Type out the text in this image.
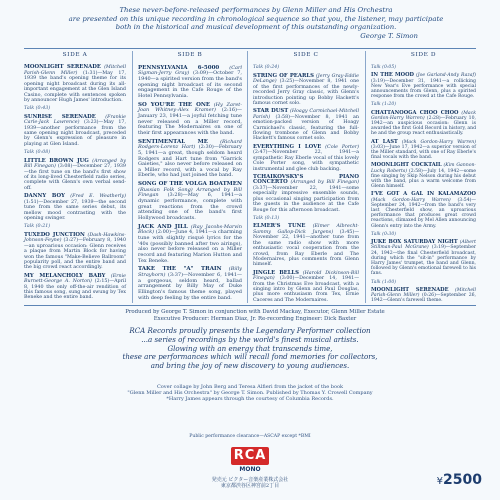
These never-before-released performances by Glenn Miller and His Orchestra
are presented on this unique recording in chronological sequence so that you, the listener, may participate
both in the historical and musical development of this outstanding organization.
George T. Simon
SIDE A
MOONLIGHT SERENADE (Mitchell Parish-Glenn Miller) (1:31)—May 17, 1939 the band's opening theme for its opening night broadcast during its all-important engagement at the Glen Island Casino, complete with sentences spoken by announcer Hugh James' introduction.
Talk (0:43)
SUNRISE SERENADE (Frankie Carle-Jack Lawrence) (3:23)—May 17, 1939—another performance from the same opening night broadcast, preceded by Glenn's expression of pleasure in playing at Glen Island.
Talk (0:08)
LITTLE BROWN JUG (Arranged by Bill Finegan) (3:08)—December 27, 1939—the first tune on the band's first show of its long-lived Chesterfield radio series, complete with Glenn's own verbal send-off.
DANNY BOY (Fred E. Weatherly) (1:51)—December 27, 1939—the second tune from the same series debut, its mellow mood contrasting with the opening swinger.
Talk (0:21)
TUXEDO JUNCTION (Dash-Hawkins-Johnson-Feyne) (3:27)—February 8, 1940—an uproarious occasion: Glenn receives a plaque from Martin Block for having won the famous "Make-Believe Ballroom" popularity poll, and the entire band and the big crowd react accordingly.
MY MELANCHOLY BABY (Ernie Burnett-George A. Norton) (2:15)—April 8, 1940 the only off-the-air rendition of this famous song, sung and swung by Tex Beneke and the entire band.
SIDE B
PENNSYLVANIA 6-5000 (Carl Sigman-Jerry Gray) (3:09)—October 7, 1940—a spirited version from the band's opening night broadcast of its second engagement in the Cafe Rouge of the Hotel Pennsylvania.
SO YOU'RE THE ONE (Hy Zaret-Joan Whitney-Alex Kramer) (2:16)—January 23, 1941—a joyful fetching tune never released on a Miller record, featuring The Modernaires on one of their first appearances with the band.
SENTIMENTAL ME (Richard Rodgers-Lorenz Hart) (2:30)—February 5, 1941—a great, though seldom heard Rodgers and Hart tune from "Garrick Gaieties," also never before released on a Miller record, with a vocal by Ray Eberle, who had just joined the band.
SONG OF THE VOLGA BOATMEN (Russian Folk Song) Arranged by Bill Finegan (3:28)—May 6, 1941—a dynamic performance, complete with great reactions from the crowd attending one of the band's first Hollywood broadcasts.
JACK AND JILL (Ray Jacobs-Marvin Block) (2:00)—June 4, 1941—a charming tune with slightly risqué lyrics for the '40s (possibly banned after two airings), also never before released on a Miller record and featuring Marion Hutton and Tex Beneke.
TAKE THE "A" TRAIN (Billy Strayhorn) (3:37)—November 6, 1941—a gorgeous, seldom heard, ballad arrangement by Billy May of Duke Ellington's famous theme song, played with deep feeling by the entire band.
SIDE C
Talk (0:24)
STRING OF PEARLS (Jerry Gray-Eddie DeLange) (3:25)—November 8, 1941 one of the first performances of the newly-recorded Jerry Gray classic, with Glenn's introduction pointing up Bobby Hackett's famous cornet solo.
STAR DUST (Hoagy Carmichael-Mitchell Parish) (3:58)—November 8, 1941 an emotion-packed version of Hoagy Carmichael's classic, featuring the full-flowing trombone of Glenn and Bobby Hackett's famous cornet solo.
EVERYTHING I LOVE (Cole Porter) (2:47)—November 22, 1941—a sympathetic Ray Eberle vocal of this lovely Cole Porter song, with sympathetic instrumental and glee club backing.
TCHAIKOVSKY'S PIANO CONCERTO (Arranged by Bill Finegan) (3:37)—November 22, 1941—some especially impressive ensemble sounds, plus occasional singing participation from the guests in the audience at the Cafe Rouge for this afternoon broadcast.
Talk (0:13)
ELMER'S TUNE (Elmer Albrecht-Sammy Gallop-Dick Jurgens) (3:45)—November 22, 1941—another tune from the same radio show with more enthusiastic vocal cooperation from the crowd, from Ray Eberle and The Modernaires, plus comments from Glenn himself.
JINGLE BELLS (Harold Dickinson-Bill Finegan) (3:00)—December 14, 1941—from the Christmas Eve broadcast, with a singing intro by Glenn and Paul Douglas, plus more enthusiasm from Tex, Ernie Caceres and The Modernaires.
SIDE D
Talk (0:05)
IN THE MOOD (Joe Garland-Andy Razaf) (3:19)—December 31, 1941—a rollicking New Year's Eve performance with special announcements from Glenn, plus a spirited response from the crowd at the Cafe Rouge.
Talk (1:20)
CHATTANOOGA CHOO CHOO (Mack Gordon-Harry Warren) (2:28)—February 10, 1942—an auspicious occasion: Glenn is awarded the first Gold Record in history, and he and the group react enthusiastically.
AT LAST (Mack Gordon-Harry Warren) (3:03)—June 17, 1942—a superior version of the Miller standard, with one of Ray Eberle's final vocals with the band.
MOONLIGHT COCKTAIL (Kim Gannon-Lucky Roberts) (2:58)—July 14, 1942—some fine singing by Skip Nelson during his debut with the band, plus a warm welcome from Glenn himself.
I'VE GOT A GAL IN KALAMAZOO (Mack Gordon-Harry Warren) (3:54)—September 24, 1942—from the band's very last Chesterfield show, an uproarious performance that produces great crowd reactions, climaxed by Mel Allen announcing Glenn's entry into the Army.
Talk (0:30)
JUKE BOX SATURDAY NIGHT (Albert Stillman-Paul McGrane) (3:19)—September 24, 1942—the final Chesterfield broadcast, during which the "sit-in" performance by Harry James' trumpet, the band and Glenn, followed by Glenn's emotional farewell to his fans.
Talk (1:00)
MOONLIGHT SERENADE (Mitchell Parish-Glenn Miller) (0:26)—September 26, 1942—Glenn's farewell theme.
Produced by George T. Simon in conjunction with David Mackay, Executor, Glenn Miller Estate
Executive Producer: Herman Diaz, Jr. Re-recording Engineer: Dick Baxter
RCA Records proudly presents the Legendary Performer collection
...a series of recordings by the world's finest musical artists.
Glowing with an energy that transcends time,
these are performances which will recall fond memories for collectors,
and bring the joy of new discovery to young audiences.
Cover collage by John Berg and Teresa Alfieri from the jacket of the book
"Glenn Miller and His Orchestra" by George T. Simon. Published by Thomas Y. Crowell Company
*Harry James appears through the courtesy of Columbia Records.
Public performance clearance—ASCAP except *BMI
RCA
MONO
発売元 ビクター音楽産業株式会社
東京都渋谷区神宮前2丁目	¥2500
